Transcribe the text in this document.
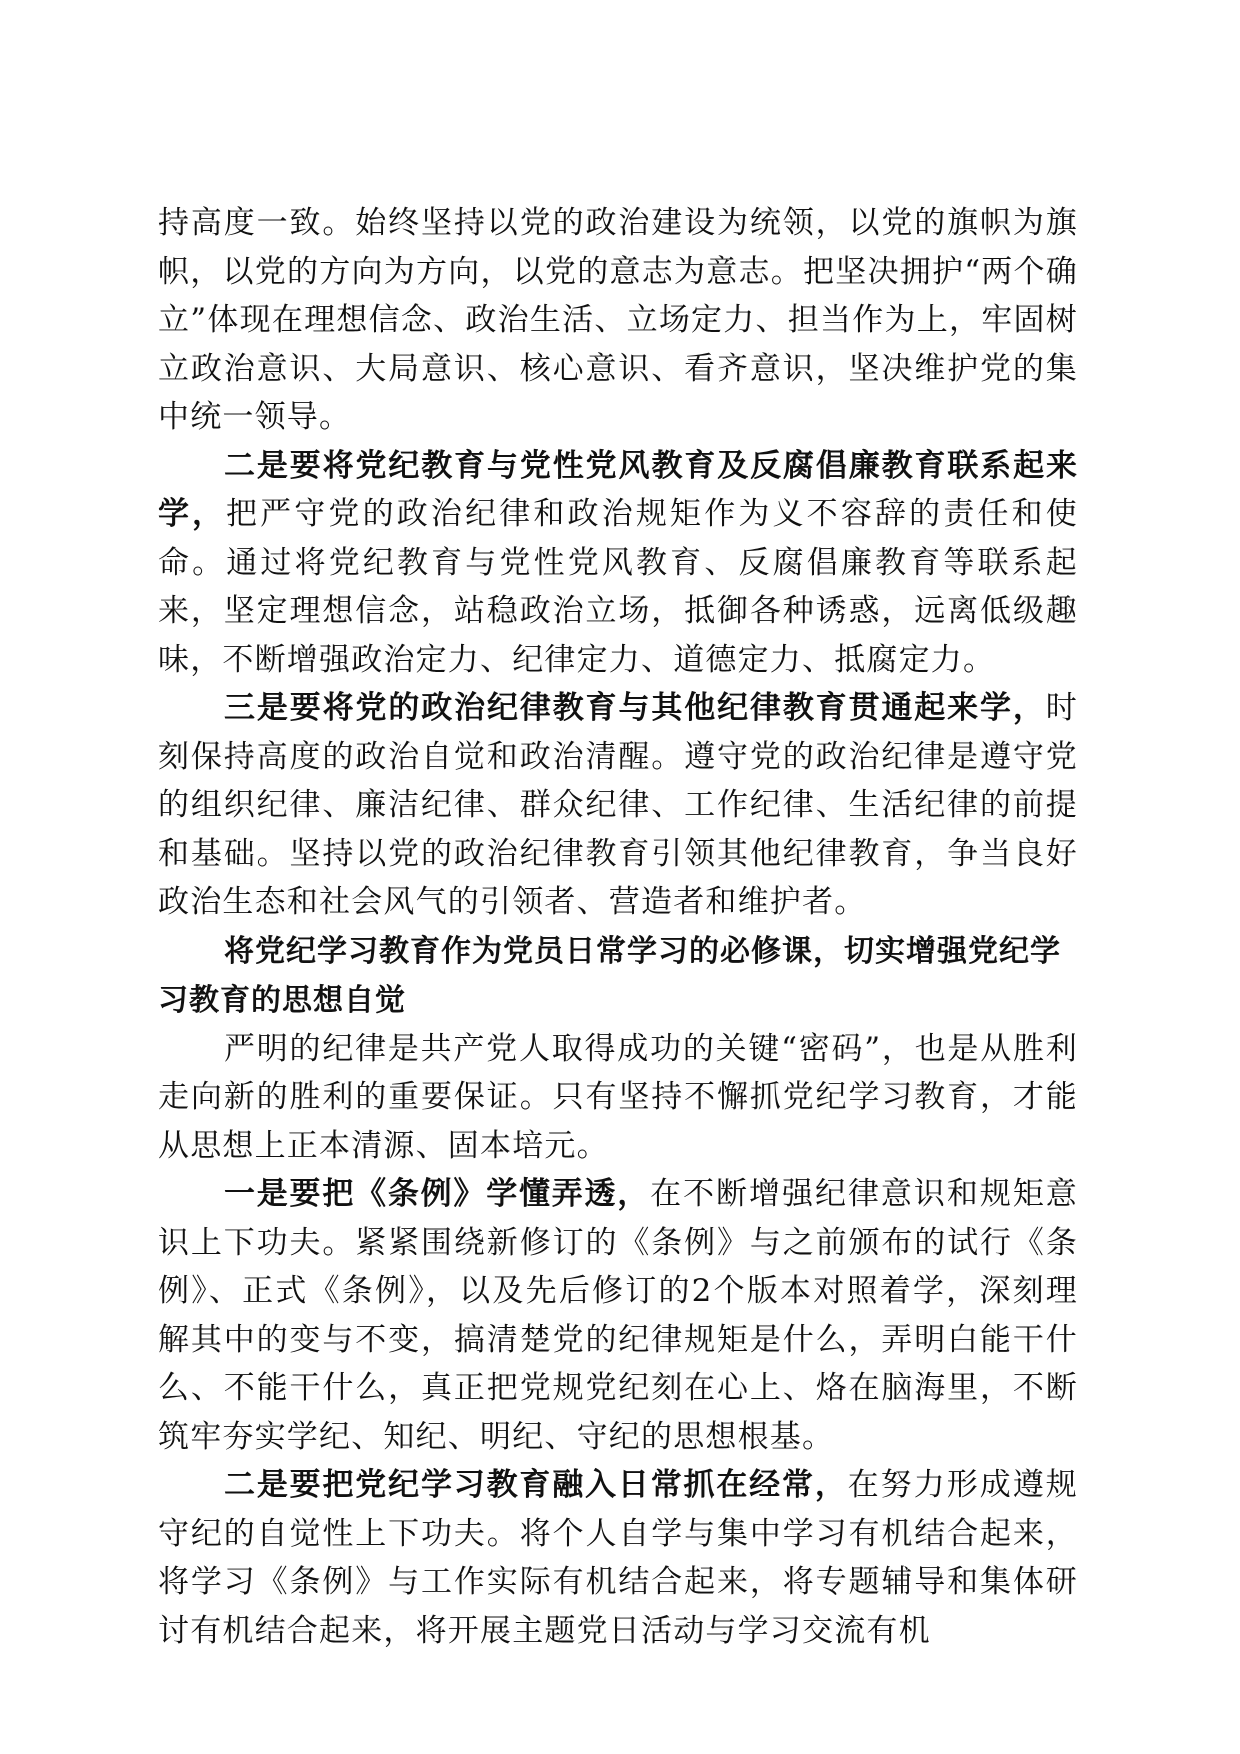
持高度一致。始终坚持以党的政治建设为统领，以党的旗帜为旗帜，以党的方向为方向，以党的意志为意志。把坚决拥护“两个确立”体现在理想信念、政治生活、立场定力、担当作为上，牢固树立政治意识、大局意识、核心意识、看齐意识，坚决维护党的集中统一领导。

二是要将党纪教育与党性党风教育及反腐倡廉教育联系起来学，把严守党的政治纪律和政治规矩作为义不容辞的责任和使命。通过将党纪教育与党性党风教育、反腐倡廉教育等联系起来，坚定理想信念，站稳政治立场，抵御各种诱惑，远离低级趣味，不断增强政治定力、纪律定力、道德定力、抵腐定力。

三是要将党的政治纪律教育与其他纪律教育贯通起来学，时刻保持高度的政治自觉和政治清醒。遵守党的政治纪律是遵守党的组织纪律、廉洁纪律、群众纪律、工作纪律、生活纪律的前提和基础。坚持以党的政治纪律教育引领其他纪律教育，争当良好政治生态和社会风气的引领者、营造者和维护者。

将党纪学习教育作为党员日常学习的必修课，切实增强党纪学习教育的思想自觉

严明的纪律是共产党人取得成功的关键“密码”，也是从胜利走向新的胜利的重要保证。只有坚持不懈抓党纪学习教育，才能从思想上正本清源、固本培元。

一是要把《条例》学懂弄透，在不断增强纪律意识和规矩意识上下功夫。紧紧围绕新修订的《条例》与之前颁布的试行《条例》、正式《条例》，以及先后修订的2个版本对照着学，深刻理解其中的变与不变，搞清楚党的纪律规矩是什么，弄明白能干什么、不能干什么，真正把党规党纪刻在心上、烙在脑海里，不断筑牢夯实学纪、知纪、明纪、守纪的思想根基。

二是要把党纪学习教育融入日常抓在经常，在努力形成遵规守纪的自觉性上下功夫。将个人自学与集中学习有机结合起来，将学习《条例》与工作实际有机结合起来，将专题辅导和集体研讨有机结合起来，将开展主题党日活动与学习交流有机
